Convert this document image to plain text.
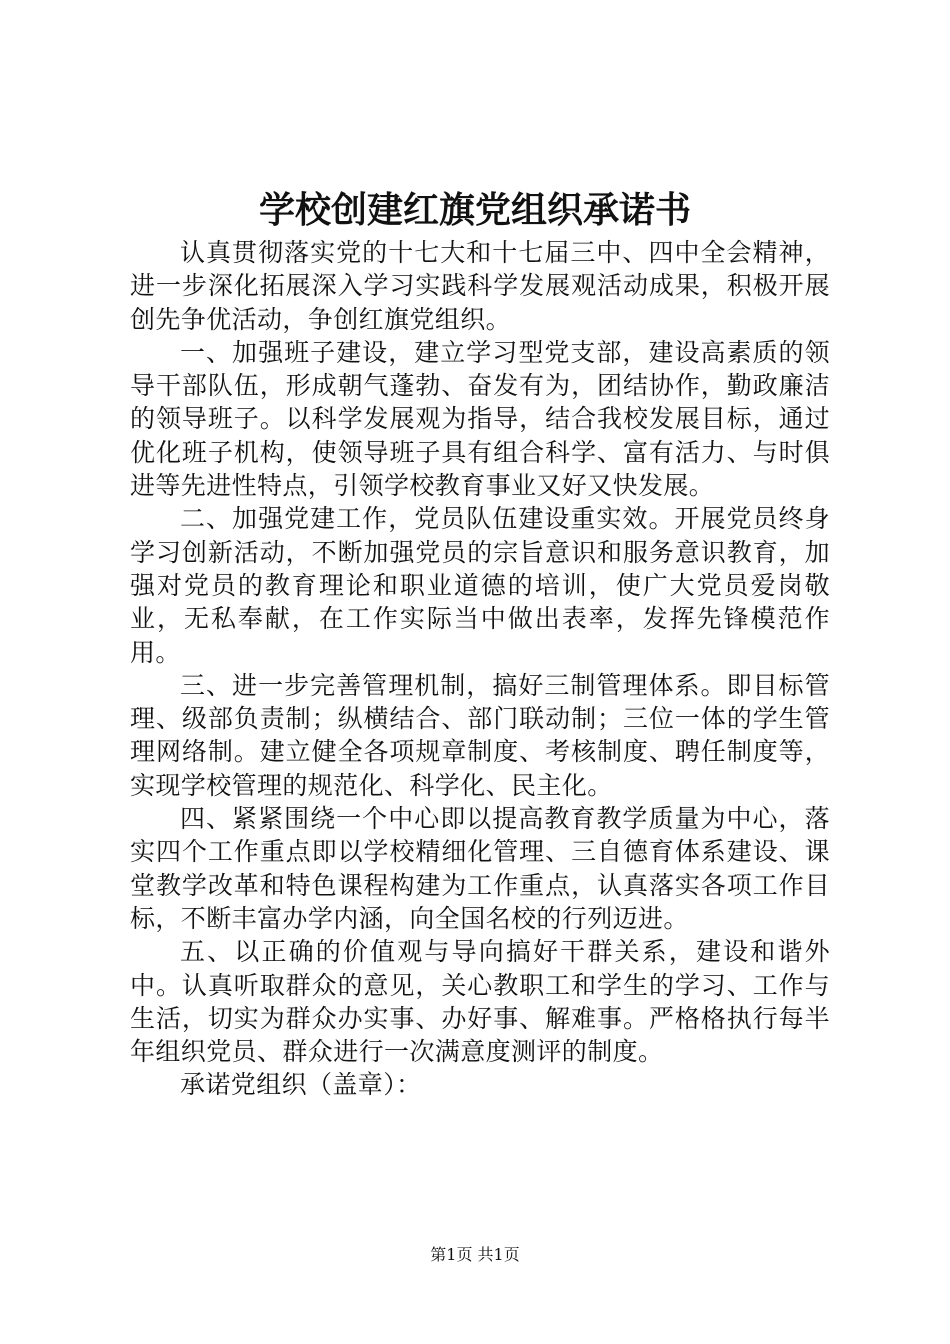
学校创建红旗党组织承诺书

认真贯彻落实党的十七大和十七届三中、四中全会精神，进一步深化拓展深入学习实践科学发展观活动成果，积极开展创先争优活动，争创红旗党组织。

一、加强班子建设，建立学习型党支部，建设高素质的领导干部队伍，形成朝气蓬勃、奋发有为，团结协作，勤政廉洁的领导班子。以科学发展观为指导，结合我校发展目标，通过优化班子机构，使领导班子具有组合科学、富有活力、与时俱进等先进性特点，引领学校教育事业又好又快发展。

二、加强党建工作，党员队伍建设重实效。开展党员终身学习创新活动，不断加强党员的宗旨意识和服务意识教育，加强对党员的教育理论和职业道德的培训，使广大党员爱岗敬业，无私奉献，在工作实际当中做出表率，发挥先锋模范作用。

三、进一步完善管理机制，搞好三制管理体系。即目标管理、级部负责制；纵横结合、部门联动制；三位一体的学生管理网络制。建立健全各项规章制度、考核制度、聘任制度等，实现学校管理的规范化、科学化、民主化。

四、紧紧围绕一个中心即以提高教育教学质量为中心，落实四个工作重点即以学校精细化管理、三自德育体系建设、课堂教学改革和特色课程构建为工作重点，认真落实各项工作目标，不断丰富办学内涵，向全国名校的行列迈进。

五、以正确的价值观与导向搞好干群关系，建设和谐外中。认真听取群众的意见，关心教职工和学生的学习、工作与生活，切实为群众办实事、办好事、解难事。严格格执行每半年组织党员、群众进行一次满意度测评的制度。

承诺党组织（盖章）：

第1页 共1页
